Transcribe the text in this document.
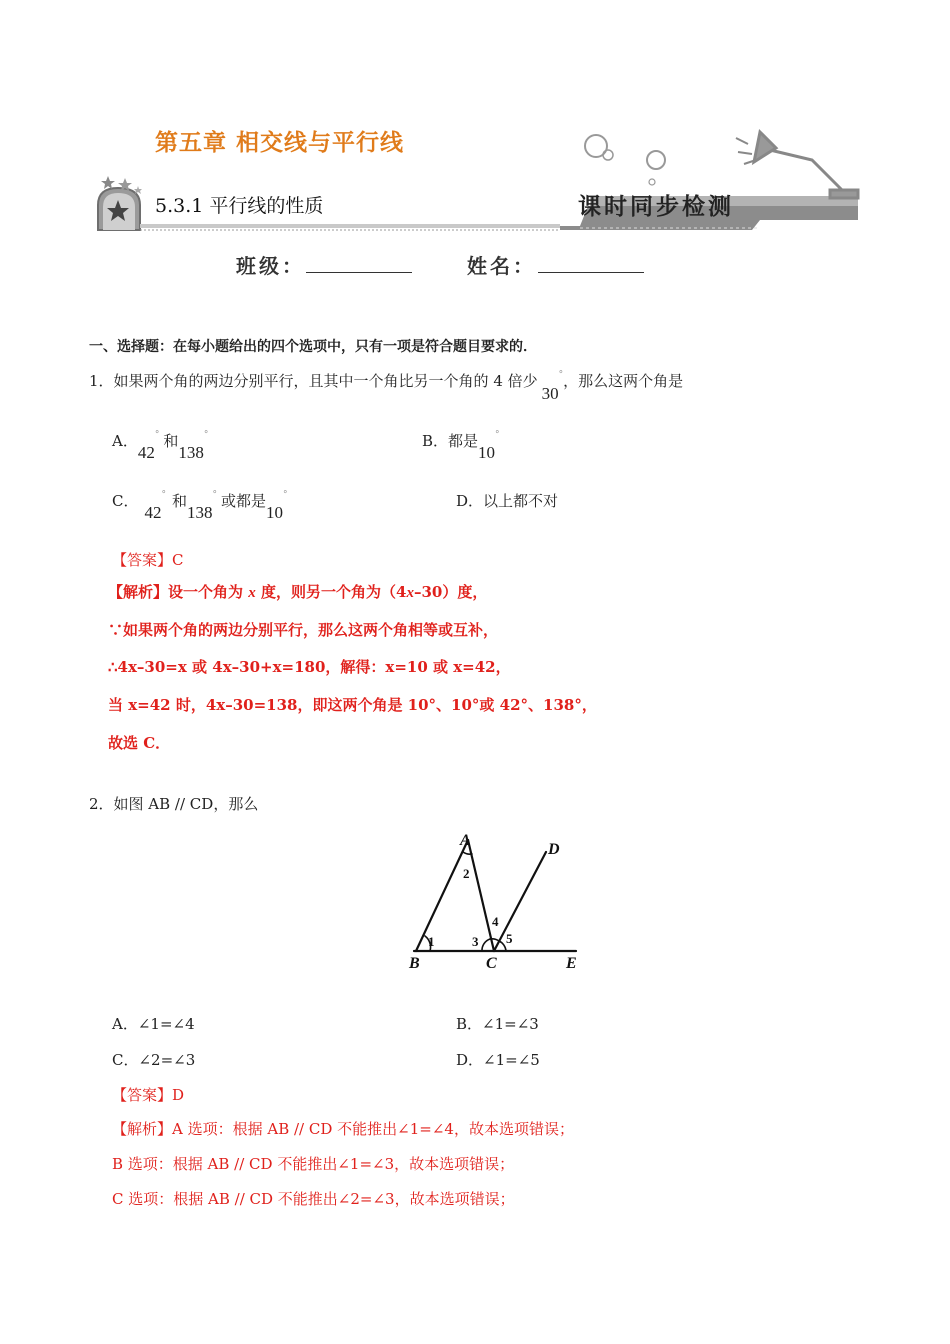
第五章 相交线与平行线
5.3.1 平行线的性质	课时同步检测
班级：	姓名：
一、选择题：在每小题给出的四个选项中，只有一项是符合题目要求的．
1．如果两个角的两边分别平行，且其中一个角比另一个角的 4 倍少30°，那么这两个角是
A．42° 和138°	B．都是10°
C．42° 和138° 或都是10°	D．以上都不对
【答案】C
【解析】设一个角为 x 度，则另一个角为（4x–30）度，
∵如果两个角的两边分别平行，那么这两个角相等或互补，
∴4x–30=x 或 4x–30+x=180，解得：x=10 或 x=42，
当 x=42 时，4x–30=138，即这两个角是 10°、10°或 42°、138°，
故选 C．
2．如图 AB // CD，那么
A
B	C
D
E
1
2
3
4
5
A．∠1=∠4	B．∠1=∠3
C．∠2=∠3	D．∠1=∠5
【答案】D
【解析】A 选项：根据 AB // CD 不能推出∠1=∠4，故本选项错误；
B 选项：根据 AB // CD 不能推出∠1=∠3，故本选项错误；
C 选项：根据 AB // CD 不能推出∠2=∠3，故本选项错误；
